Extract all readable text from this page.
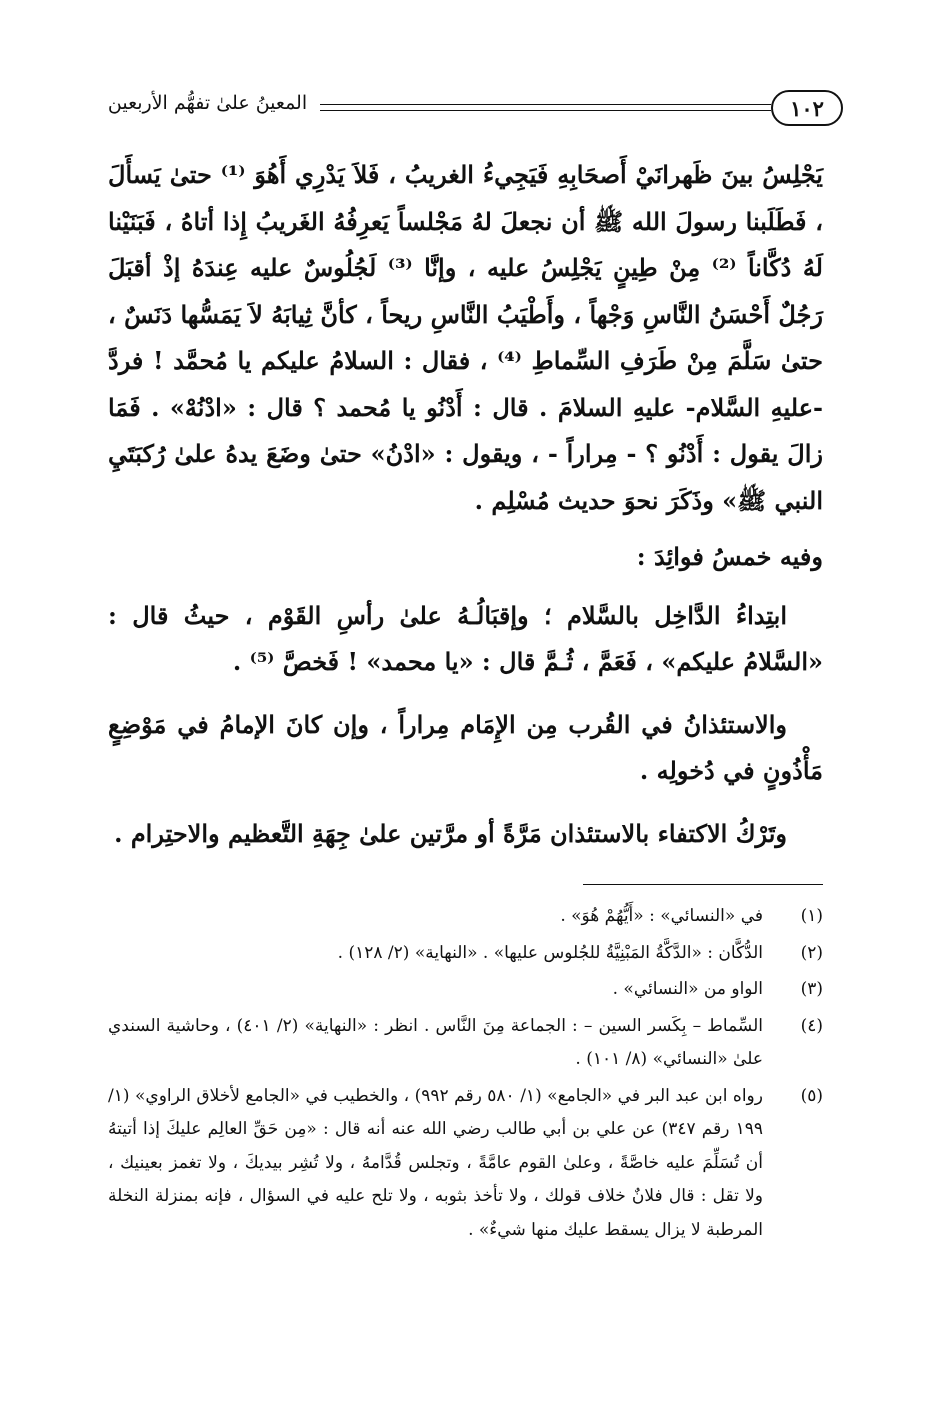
١٠٢
المعينُ علىٰ تفهُّم الأربعين

يَجْلِسُ بينَ ظَهرانَيْ أَصحَابِهِ فَيَجِيءُ الغريبُ ، فَلاَ يَدْرِي أَهُوَ ⁽¹⁾ حتىٰ يَسأَلَ ، فَطَلَبنا رسولَ الله ﷺ أن نجعلَ لهُ مَجْلساً يَعرِفُهُ الغَريبُ إِذا أتاهُ ، فَبَنَيْنا لَهُ دُكَّاناً ⁽²⁾ مِنْ طِينٍ يَجْلِسُ عليه ، وإنَّا ⁽³⁾ لَجُلُوسٌ عليه عِندَهُ إذْ أقبَلَ رَجُلٌ أَحْسَنُ النَّاسِ وَجْهاً ، وأَطْيَبُ النَّاسِ ريحاً ، كأنَّ ثِيابَهُ لاَ يَمَسُّها دَنَسٌ ، حتىٰ سَلَّمَ مِنْ طَرَفِ السِّماطِ ⁽⁴⁾ ، فقال : السلامُ عليكم يا مُحمَّد ! فردَّ -عليهِ السَّلام- عليهِ السلامَ . قال : أَدْنُو يا مُحمد ؟ قال : «ادْنُهْ» . فَمَا زالَ يقول : أَدْنُو ؟ - مِراراً - ، ويقول : «ادْنُ» حتىٰ وضَعَ يدهُ علىٰ رُكبَتَيِ النبي ﷺ» وذَكَرَ نحوَ حديث مُسْلِم .

وفيه خمسُ فوائِدَ :

ابتِداءُ الدَّاخِل بالسَّلام ؛ وإقبَالُـهُ علىٰ رأسِ القَوْم ، حيثُ قال : «السَّلامُ عليكم» ، فَعَمَّ ، ثُـمَّ قال : «يا محمد» ! فَخصَّ ⁽⁵⁾ .

والاستئذانُ في القُرب مِن الإِمَام مِراراً ، وإن كانَ الإمامُ في مَوْضِعٍ مَأْذُونٍ في دُخولِه .

وتَرْكُ الاكتفاء بالاستئذان مَرَّةً أو مرَّتين علىٰ جِهَةِ التَّعظيم والاحتِرام .

(١)
في «النسائي» : «أَيُّهُمْ هُوَ» .
(٢)
الدُّكَّان : «الدَّكَّةُ المَبْنِيَّةُ للجُلوس عليها» . «النهاية» (٢/ ١٢٨) .
(٣)
الواو من «النسائي» .
(٤)
السِّماط – بِكَسر السين – : الجماعة مِنَ النَّاس . انظر : «النهاية» (٢/ ٤٠١) ، وحاشية السندي علىٰ «النسائي» (٨/ ١٠١) .
(٥)
رواه ابن عبد البر في «الجامع» (١/ ٥٨٠ رقم ٩٩٢) ، والخطيب في «الجامع لأخلاق الراوي» (١/ ١٩٩ رقم ٣٤٧) عن علي بن أبي طالب رضي الله عنه أنه قال : «مِن حَقِّ العالِم عليكَ إذا أتيتهُ أن تُسَلِّمَ عليه خاصَّةً ، وعلىٰ القوم عامَّةً ، وتجلس قُدَّامهُ ، ولا تُشِر بيديكَ ، ولا تغمز بعينيك ، ولا تقل : قال فلانٌ خلاف قولك ، ولا تأخذ بثوبه ، ولا تلح عليه في السؤال ، فإنه بمنزلة النخلة المرطبة لا يزال يسقط عليك منها شيءٌ» .
